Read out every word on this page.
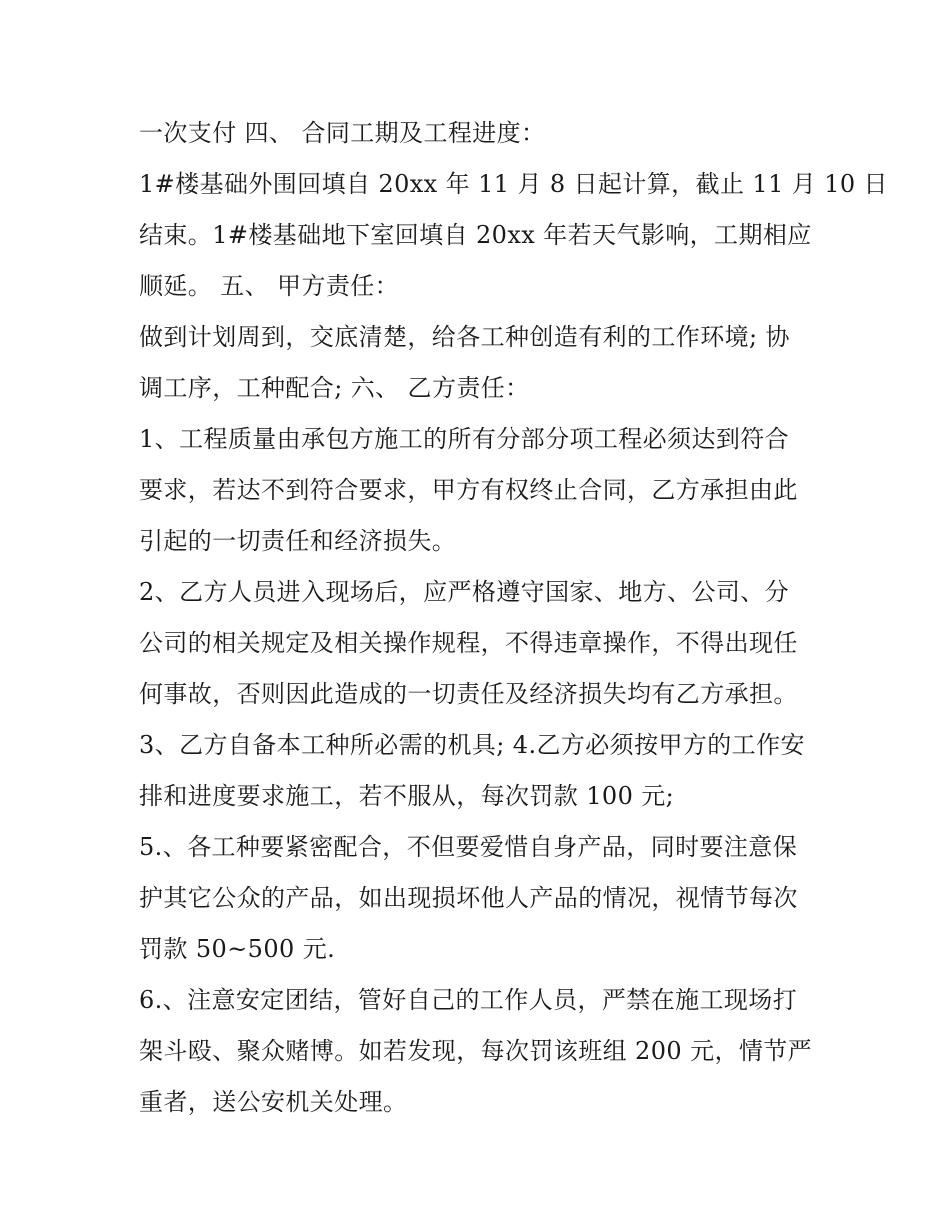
一次支付 四、 合同工期及工程进度：
1#楼基础外围回填自 20xx 年 11 月 8 日起计算，截止 11 月 10 日
结束。1#楼基础地下室回填自 20xx 年若天气影响，工期相应
顺延。 五、 甲方责任：
做到计划周到，交底清楚，给各工种创造有利的工作环境; 协
调工序，工种配合; 六、 乙方责任：
1、工程质量由承包方施工的所有分部分项工程必须达到符合
要求，若达不到符合要求，甲方有权终止合同，乙方承担由此
引起的一切责任和经济损失。
2、乙方人员进入现场后，应严格遵守国家、地方、公司、分
公司的相关规定及相关操作规程，不得违章操作，不得出现任
何事故，否则因此造成的一切责任及经济损失均有乙方承担。
3、乙方自备本工种所必需的机具; 4.乙方必须按甲方的工作安
排和进度要求施工，若不服从，每次罚款 100 元;
5.、各工种要紧密配合，不但要爱惜自身产品，同时要注意保
护其它公众的产品，如出现损坏他人产品的情况，视情节每次
罚款 50~500 元.
6.、注意安定团结，管好自己的工作人员，严禁在施工现场打
架斗殴、聚众赌博。如若发现，每次罚该班组 200 元，情节严
重者，送公安机关处理。
